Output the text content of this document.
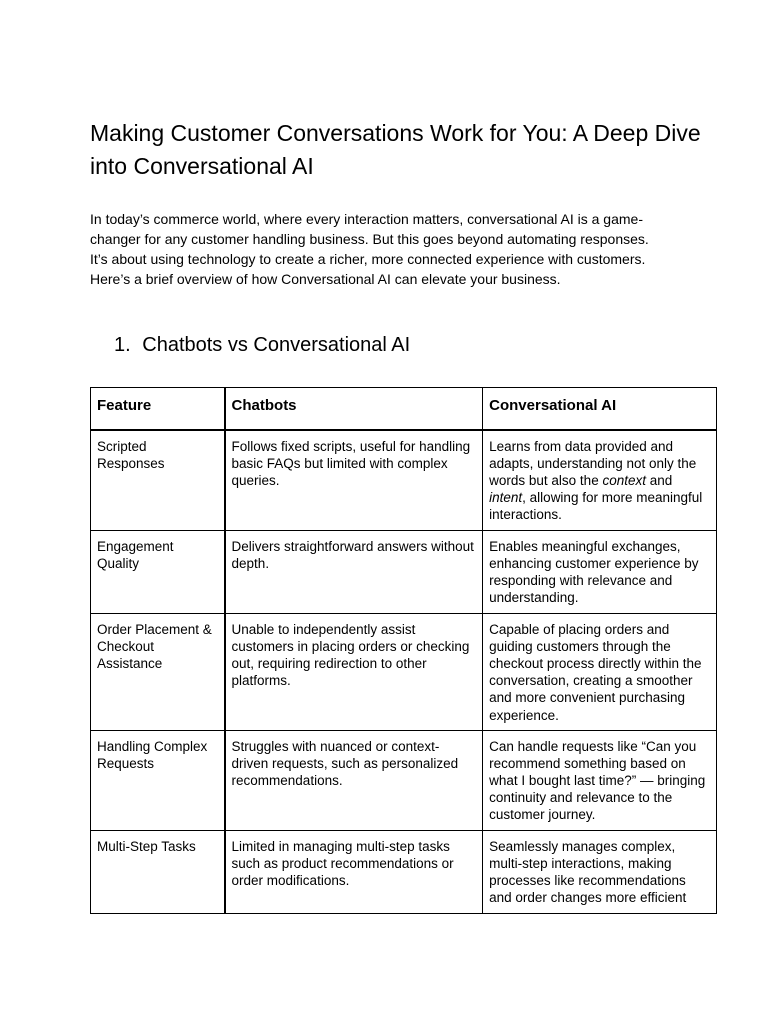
Making Customer Conversations Work for You: A Deep Dive into Conversational AI

In today’s commerce world, where every interaction matters, conversational AI is a game-changer for any customer handling business. But this goes beyond automating responses. It’s about using technology to create a richer, more connected experience with customers. Here’s a brief overview of how Conversational AI can elevate your business.

1. Chatbots vs Conversational AI
Feature	Chatbots	Conversational AI
Scripted Responses	Follows fixed scripts, useful for handling basic FAQs but limited with complex queries.	Learns from data provided and adapts, understanding not only the words but also the context and intent, allowing for more meaningful interactions.
Engagement Quality	Delivers straightforward answers without depth.	Enables meaningful exchanges, enhancing customer experience by responding with relevance and understanding.
Order Placement & Checkout Assistance	Unable to independently assist customers in placing orders or checking out, requiring redirection to other platforms.	Capable of placing orders and guiding customers through the checkout process directly within the conversation, creating a smoother and more convenient purchasing experience.
Handling Complex Requests	Struggles with nuanced or context-driven requests, such as personalized recommendations.	Can handle requests like “Can you recommend something based on what I bought last time?” — bringing continuity and relevance to the customer journey.
Multi-Step Tasks	Limited in managing multi-step tasks such as product recommendations or order modifications.	Seamlessly manages complex, multi-step interactions, making processes like recommendations and order changes more efficient
